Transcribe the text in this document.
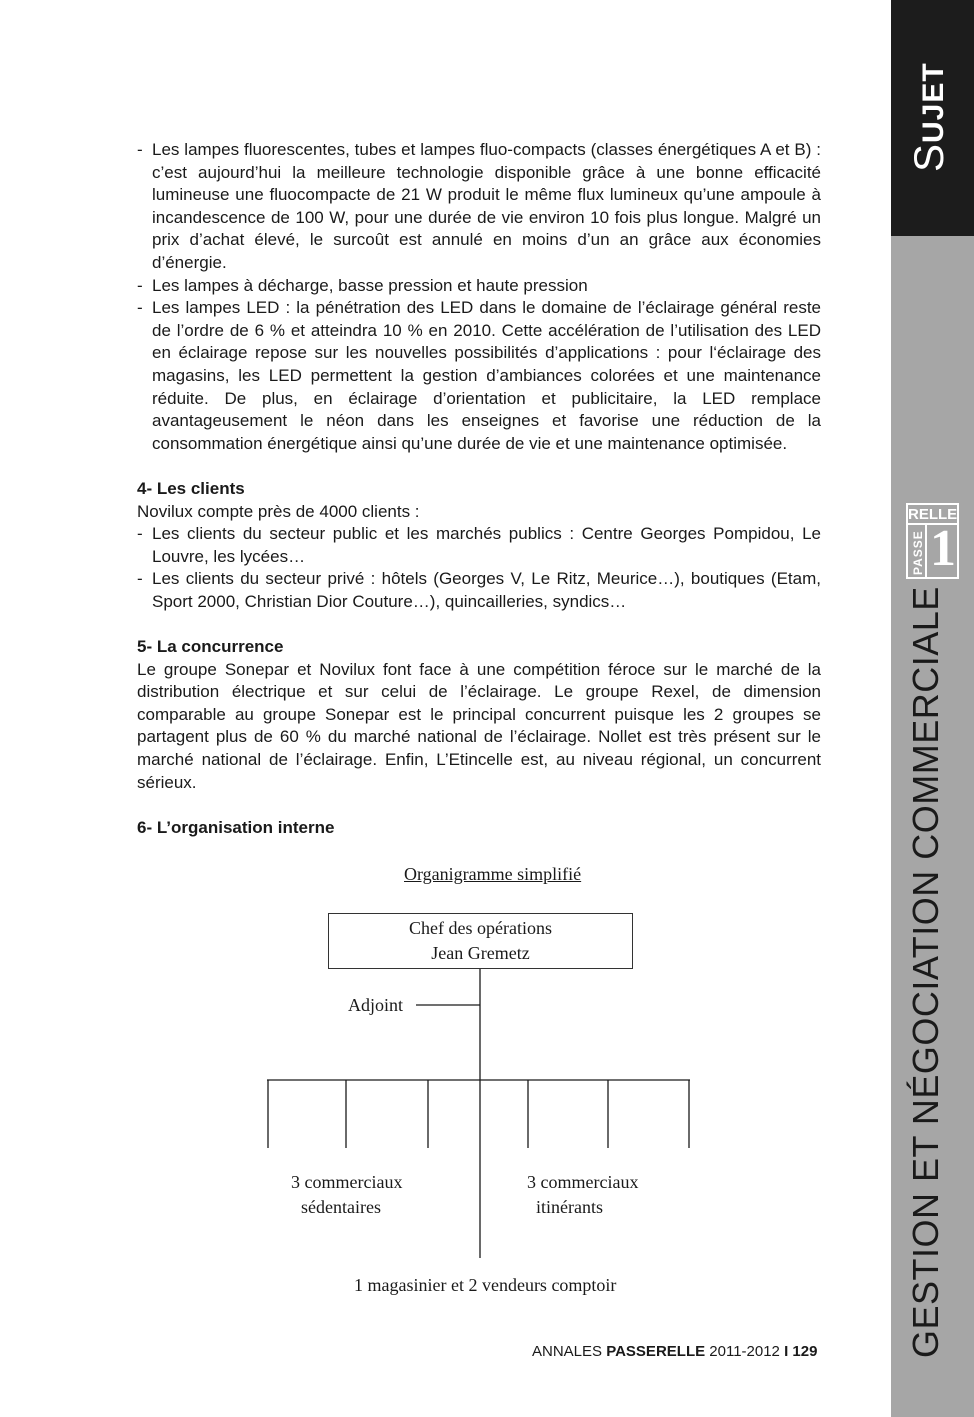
SUJET
RELLE
PASSE 1
GESTION ET NÉGOCIATION COMMERCIALE
- Les lampes fluorescentes, tubes et lampes fluo-compacts (classes énergétiques A et B) : c’est aujourd’hui la meilleure technologie disponible grâce à une bonne efficacité lumineuse une fluocompacte de 21 W produit le même flux lumineux qu’une ampoule à incandescence de 100 W, pour une durée de vie environ 10 fois plus longue. Malgré un prix d’achat élevé, le surcoût est annulé en moins d’un an grâce aux économies d’énergie.
- Les lampes à décharge, basse pression et haute pression
- Les lampes LED : la pénétration des LED dans le domaine de l’éclairage général reste de l’ordre de 6 % et atteindra 10 % en 2010. Cette accélération de l’utilisation des LED en éclairage repose sur les nouvelles possibilités d’applications : pour l‘éclairage des magasins, les LED permettent la gestion d’ambiances colorées et une maintenance réduite. De plus, en éclairage d’orientation et publicitaire, la LED remplace avantageusement le néon dans les enseignes et favorise une réduction de la consommation énergétique ainsi qu’une durée de vie et une maintenance optimisée.
4- Les clients
Novilux compte près de 4000 clients :
- Les clients du secteur public et les marchés publics : Centre Georges Pompidou, Le Louvre, les lycées…
- Les clients du secteur privé : hôtels (Georges V, Le Ritz, Meurice…), boutiques (Etam, Sport 2000, Christian Dior Couture…), quincailleries, syndics…
5- La concurrence
Le groupe Sonepar et Novilux font face à une compétition féroce sur le marché de la distribution électrique et sur celui de l’éclairage. Le groupe Rexel, de dimension comparable au groupe Sonepar est le principal concurrent puisque les 2 groupes se partagent plus de 60 % du marché national de l’éclairage. Nollet est très présent sur le marché national de l’éclairage. Enfin, L’Etincelle est, au niveau régional, un concurrent sérieux.
6- L’organisation interne
Organigramme simplifié
Chef des opérations
Jean Gremetz
Adjoint
3 commerciaux
sédentaires
3 commerciaux
itinérants
1 magasinier et 2 vendeurs comptoir
ANNALES PASSERELLE 2011-2012 I 129
